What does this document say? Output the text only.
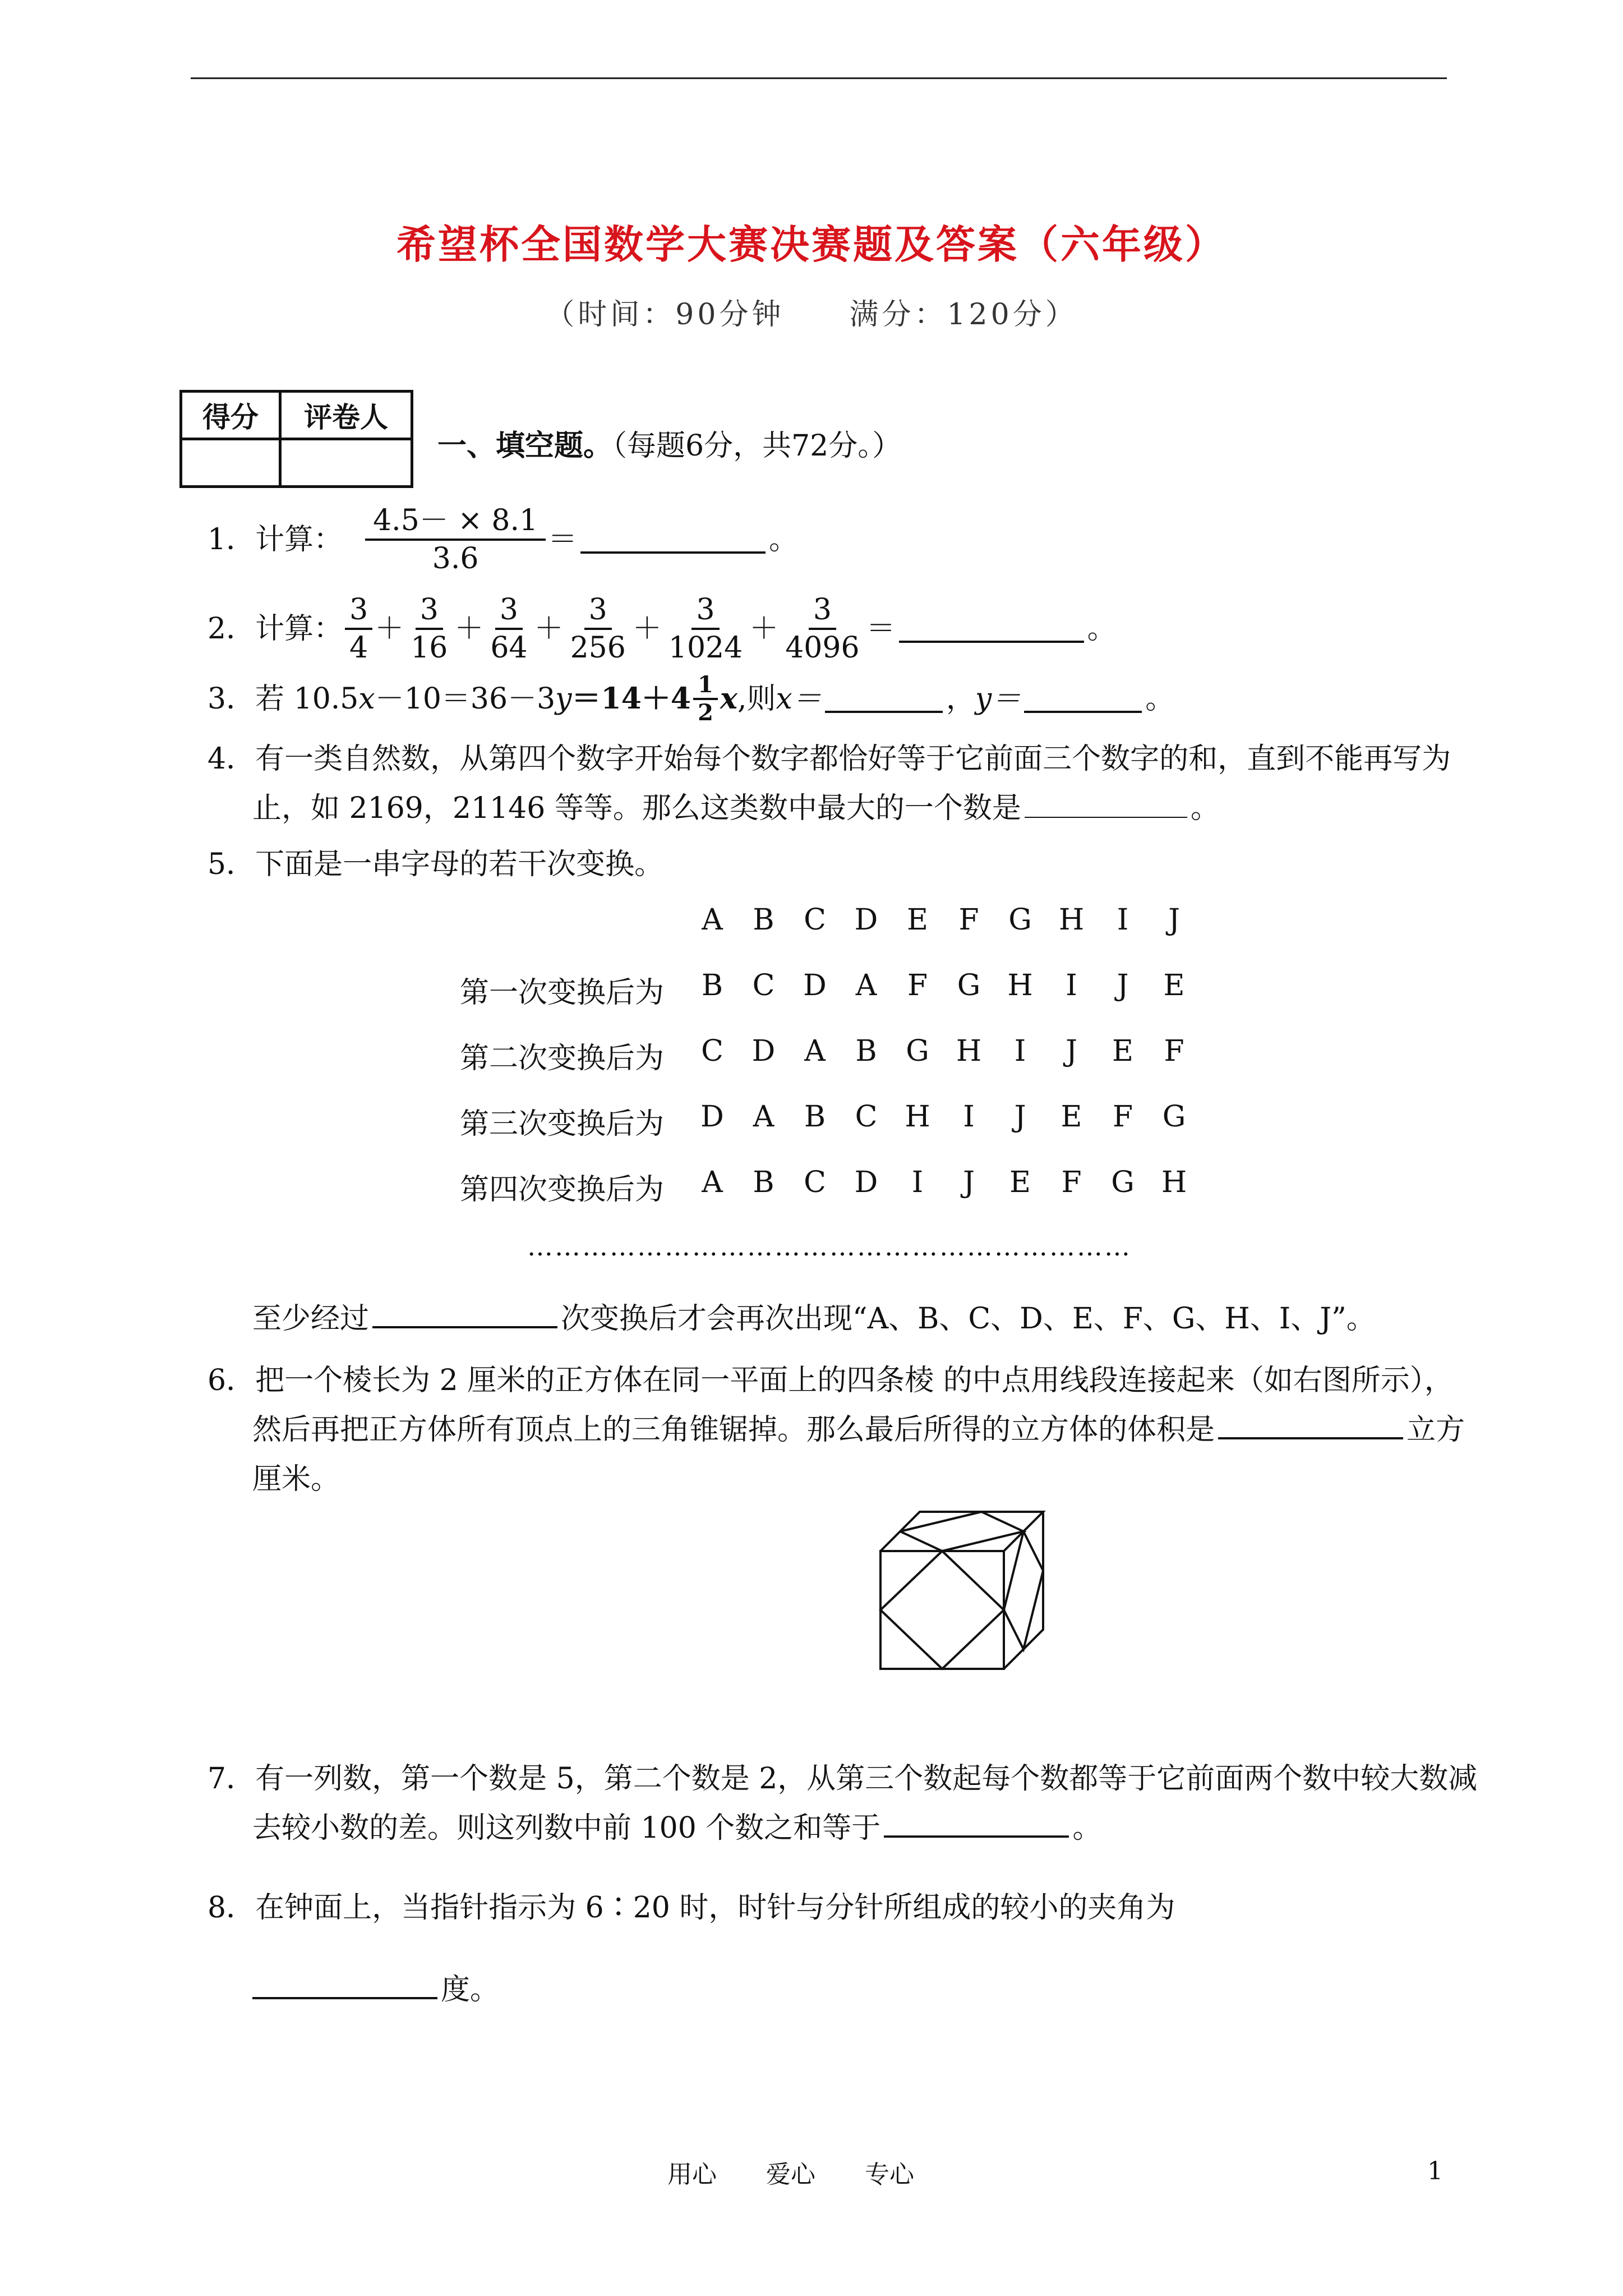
希望杯全国数学大赛决赛题及答案（六年级）
（时间：90分钟　　满分：120分）
得分	评卷人

一、填空题。（每题6分，共72分。）
1．计算： $\frac{4.5- \times 8.1}{3.6}$ ＝	。
2．计算： $\frac{3}{4} + \frac{3}{16} + \frac{3}{64} + \frac{3}{256} + \frac{3}{1024} + \frac{3}{4096}$ ＝	。
3．若 10.5 x －10＝36－3 $y =14+4 \frac{1}{2}$ x ,则 x＝	， y＝	。
4．有一类自然数，从第四个数字开始每个数字都恰好等于它前面三个数字的和，直到不能再写为
止，如 2169，21146 等等。那么这类数中最大的一个数是	。
5．下面是一串字母的若干次变换。
A	B	C D E	F	G H	I	J
第一次变换后为	B	C D A	F	G H	I	J	E
第二次变换后为	C D A	B G H	I	J	E	F
第三次变换后为	D A	B	C H	I	J	E	F	G
第四次变换后为	A	B	C D	I	J	E	F	G H
…………………………………………………………
至少经过	次变换后才会再次出现“A、B、C、D、E、F、G、H、I、J”。
6．把一个棱长为 2 厘米的正方体在同一平面上的四条棱 的中点用线段连接起来（如右图所示），
然后再把正方体所有顶点上的三角锥锯掉。那么最后所得的立方体的体积是	立方
厘米。
7．有一列数，第一个数是 5，第二个数是 2，从第三个数起每个数都等于它前面两个数中较大数减
去较小数的差。则这列数中前 100 个数之和等于	。
8．在钟面上，当指针指示为 6∶20 时，时针与分针所组成的较小的夹角为
度。
用心　　爱心　　专心	1
